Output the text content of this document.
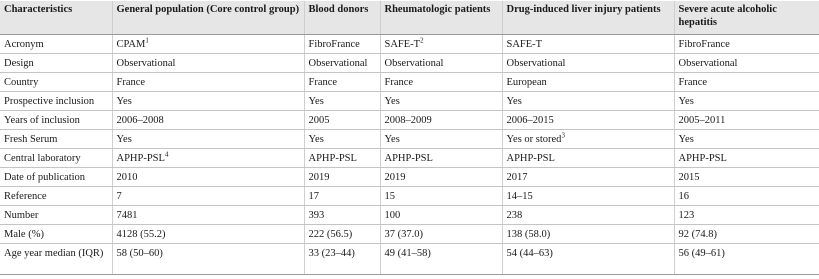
Characteristics	General population (Core control group)	Blood donors	Rheumatologic patients	Drug-induced liver injury patients	Severe acute alcoholic hepatitis
Acronym	CPAM$^1$	FibroFrance	SAFE-$T^2$	SAFE-T	FibroFrance
Design	Observational	Observational	Observational	Observational	Observational
Country	France	France	France	European	France
Prospective inclusion	Yes	Yes	Yes	Yes	Yes
Years of inclusion	2006–2008	2005	2008–2009	2006–2015	2005–2011
Fresh Serum	Yes	Yes	Yes	Yes or stored$^3$	Yes
Central laboratory	APHP-PSL$^4$	APHP-PSL	APHP-PSL	APHP-PSL	APHP-PSL
Date of publication	2010	2019	2019	2017	2015
Reference	7	17	15	14–15	16
Number	7481	393	100	238	123
Male (%)	4128 (55.2)	222 (56.5)	37 (37.0)	138 (58.0)	92 (74.8)
Age year median (IQR)	58 (50–60)	33 (23–44)	49 (41–58)	54 (44–63)	56 (49–61)
